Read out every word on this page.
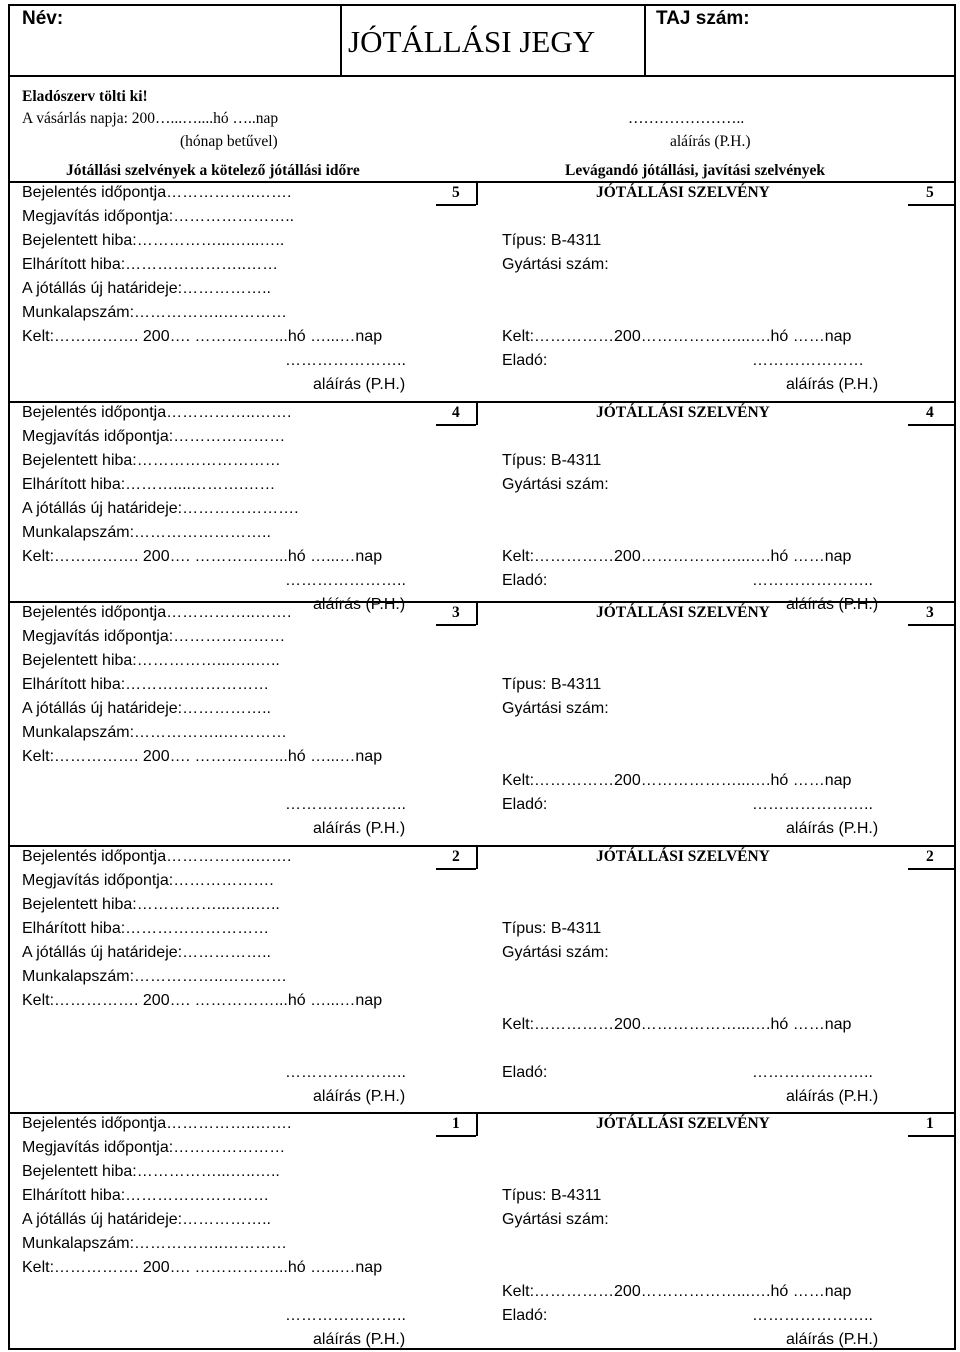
Név:
JÓTÁLLÁSI JEGY
TAJ szám:
Eladószerv tölti ki!
A vásárlás napja: 200…...…....hó …..nap	…………………..
(hónap betűvel)	aláírás (P.H.)
Jótállási szelvények a kötelező jótállási időre	Levágandó jótállási, javítási szelvények
Bejelentés időpontja……………..…….
Megjavítás időpontja:…………………..
Bejelentett hiba:……………...…...…..
Elhárított hiba:…………………..……
A jótállás új határideje:……………..
Munkalapszám:……………..…………
Kelt:……………. 200…. ……………...hó …...…nap
…………………..
aláírás (P.H.)
5	5
JÓTÁLLÁSI SZELVÉNY
Típus: B-4311
Gyártási szám:
Kelt:……………200………………...….hó ……nap
Eladó:	…………………
aláírás (P.H.)
Bejelentés időpontja……………..…….
Megjavítás időpontja:…………………
Bejelentett hiba:………………………
Elhárított hiba:………....……….……
A jótállás új határideje:………………….
Munkalapszám:……………………..
Kelt:……………. 200…. ……………...hó …...…nap
…………………..
aláírás (P.H.)
4	4
JÓTÁLLÁSI SZELVÉNY
Típus: B-4311
Gyártási szám:
Kelt:……………200………………...….hó ……nap
Eladó:	…………………..
aláírás (P.H.)
Bejelentés időpontja……………..…….
Megjavítás időpontja:…………………
Bejelentett hiba:……………...…..…..
Elhárított hiba:………………………
A jótállás új határideje:……………..
Munkalapszám:……………..…………
Kelt:……………. 200…. ……………...hó …...…nap
…………………..
aláírás (P.H.)
3	3
JÓTÁLLÁSI SZELVÉNY
Típus: B-4311
Gyártási szám:
Kelt:……………200………………...….hó ……nap
Eladó:	…………………..
aláírás (P.H.)
Bejelentés időpontja……………..…….
Megjavítás időpontja:……………….
Bejelentett hiba:……………...…..…..
Elhárított hiba:………………………
A jótállás új határideje:……………..
Munkalapszám:……………..…………
Kelt:……………. 200…. ……………...hó …...…nap
…………………..
aláírás (P.H.)
2	2
JÓTÁLLÁSI SZELVÉNY
Típus: B-4311
Gyártási szám:
Kelt:……………200………………...….hó ……nap
Eladó:	…………………..
aláírás (P.H.)
Bejelentés időpontja……………..…….
Megjavítás időpontja:…………………
Bejelentett hiba:……………...…..…..
Elhárított hiba:………………………
A jótállás új határideje:……………..
Munkalapszám:……………..…………
Kelt:……………. 200…. ……………...hó …...…nap
…………………..
aláírás (P.H.)
1	1
JÓTÁLLÁSI SZELVÉNY
Típus: B-4311
Gyártási szám:
Kelt:……………200………………...….hó ……nap
Eladó:	…………………..
aláírás (P.H.)
